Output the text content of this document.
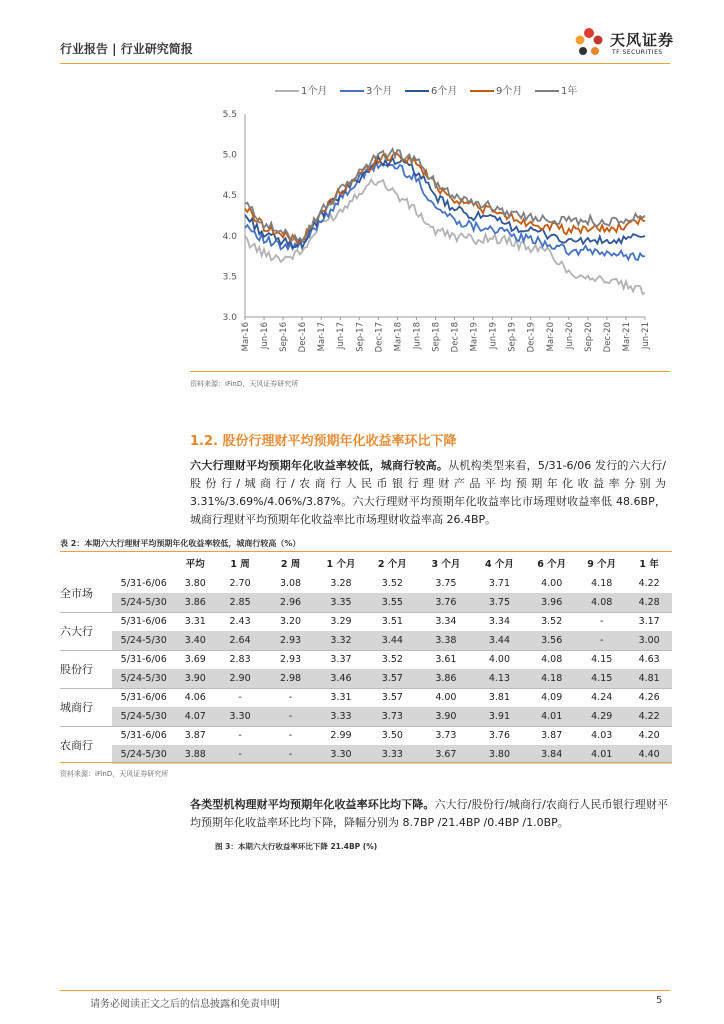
行业报告 | 行业研究简报	天风证券
TF SECURITIES
1个月	3个月	6个月	9个月	1年
5.5
5.0
4.5
4.0
3.5
3.0
Mar-16 Jun-16 Sep-16 Dec-16 Mar-17 Jun-17 Sep-17 Dec-17 Mar-18 Jun-18 Sep-18 Dec-18 Mar-19 Jun-19 Sep-19 Dec-19 Mar-20 Jun-20 Sep-20 Dec-20 Mar-21 Jun-21
资料来源：iFinD，天风证券研究所
1.2. 股份行理财平均预期年化收益率环比下降
六大行理财平均预期年化收益率较低，城商行较高。从机构类型来看，5/31-6/06 发行的六大行/股份行/城商行/农商行人民币银行理财产品平均预期年化收益率分别为 3.31%/3.69%/4.06%/3.87%。六大行理财平均预期年化收益率比市场理财收益率低 48.6BP，城商行理财平均预期年化收益率比市场理财收益率高 26.4BP。
表 2：本期六大行理财平均预期年化收益率较低，城商行较高（%）
		平均	1 周	2 周	1 个月	2 个月	3 个月	4 个月	6 个月	9 个月	1 年
全市场	5/31-6/06	3.80	2.70	3.08	3.28	3.52	3.75	3.71	4.00	4.18	4.22
	5/24-5/30	3.86	2.85	2.96	3.35	3.55	3.76	3.75	3.96	4.08	4.28
六大行	5/31-6/06	3.31	2.43	3.20	3.29	3.51	3.34	3.34	3.52	-	3.17
	5/24-5/30	3.40	2.64	2.93	3.32	3.44	3.38	3.44	3.56	-	3.00
股份行	5/31-6/06	3.69	2.83	2.93	3.37	3.52	3.61	4.00	4.08	4.15	4.63
	5/24-5/30	3.90	2.90	2.98	3.46	3.57	3.86	4.13	4.18	4.15	4.81
城商行	5/31-6/06	4.06	-	-	3.31	3.57	4.00	3.81	4.09	4.24	4.26
	5/24-5/30	4.07	3.30	-	3.33	3.73	3.90	3.91	4.01	4.29	4.22
农商行	5/31-6/06	3.87	-	-	2.99	3.50	3.73	3.76	3.87	4.03	4.20
	5/24-5/30	3.88	-	-	3.30	3.33	3.67	3.80	3.84	4.01	4.40
资料来源：iFinD，天风证券研究所
各类型机构理财平均预期年化收益率环比均下降。六大行/股份行/城商行/农商行人民币银行理财平均预期年化收益率环比均下降，降幅分别为 8.7BP /21.4BP /0.4BP /1.0BP。
图 3：本期六大行收益率环比下降 21.4BP (%)
请务必阅读正文之后的信息披露和免责申明	5
